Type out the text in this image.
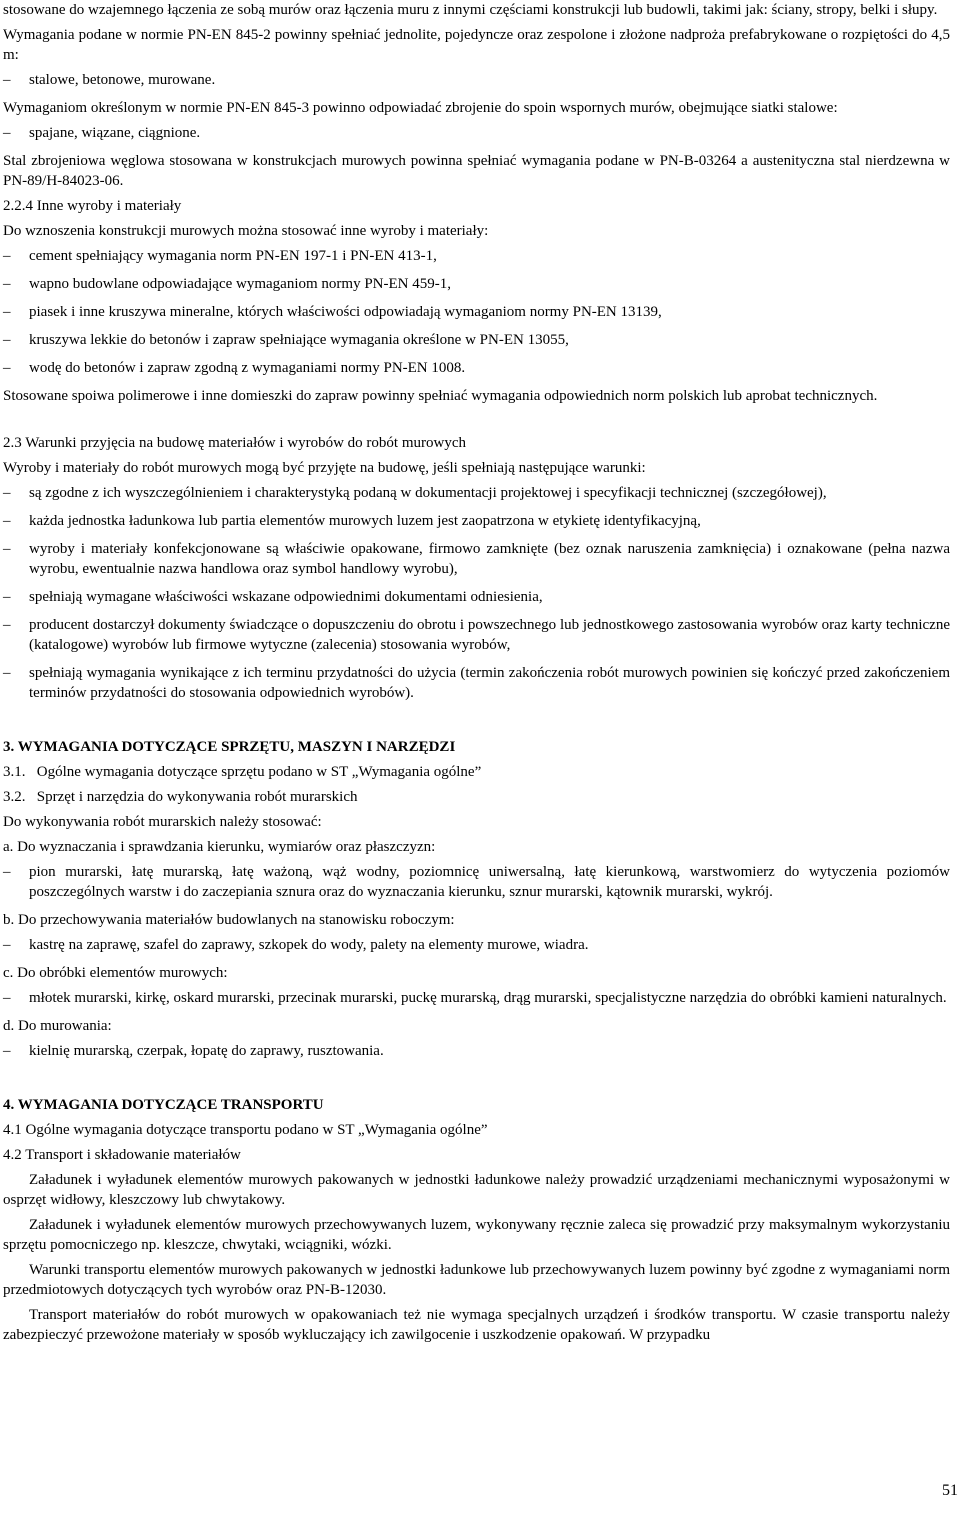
stosowane do wzajemnego łączenia ze sobą murów oraz łączenia muru z innymi częściami konstrukcji lub budowli, takimi jak: ściany, stropy, belki i słupy.

Wymagania podane w normie PN-EN 845-2 powinny spełniać jednolite, pojedyncze oraz zespolone i złożone nadproża prefabrykowane o rozpiętości do 4,5 m:

–	stalowe, betonowe, murowane.

Wymaganiom określonym w normie PN-EN 845-3 powinno odpowiadać zbrojenie do spoin wspornych murów, obejmujące siatki stalowe:

–	spajane, wiązane, ciągnione.

Stal zbrojeniowa węglowa stosowana w konstrukcjach murowych powinna spełniać wymagania podane w PN-B-03264 a austenityczna stal nierdzewna w PN-89/H-84023-06.

2.2.4 Inne wyroby i materiały

Do wznoszenia konstrukcji murowych można stosować inne wyroby i materiały:

–	cement spełniający wymagania norm PN-EN 197-1 i PN-EN 413-1,
–	wapno budowlane odpowiadające wymaganiom normy PN-EN 459-1,
–	piasek i inne kruszywa mineralne, których właściwości odpowiadają wymaganiom normy PN-EN 13139,
–	kruszywa lekkie do betonów i zapraw spełniające wymagania określone w PN-EN 13055,
–	wodę do betonów i zapraw zgodną z wymaganiami normy PN-EN 1008.

Stosowane spoiwa polimerowe i inne domieszki do zapraw powinny spełniać wymagania odpowiednich norm polskich lub aprobat technicznych.

2.3 Warunki przyjęcia na budowę materiałów i wyrobów do robót murowych

Wyroby i materiały do robót murowych mogą być przyjęte na budowę, jeśli spełniają następujące warunki:

–	są zgodne z ich wyszczególnieniem i charakterystyką podaną w dokumentacji projektowej i specyfikacji technicznej (szczegółowej),
–	każda jednostka ładunkowa lub partia elementów murowych luzem jest zaopatrzona w etykietę identyfikacyjną,
–	wyroby i materiały konfekcjonowane są właściwie opakowane, firmowo zamknięte (bez oznak naruszenia zamknięcia) i oznakowane (pełna nazwa wyrobu, ewentualnie nazwa handlowa oraz symbol handlowy wyrobu),
–	spełniają wymagane właściwości wskazane odpowiednimi dokumentami odniesienia,
–	producent dostarczył dokumenty świadczące o dopuszczeniu do obrotu i powszechnego lub jednostkowego zastosowania wyrobów oraz karty techniczne (katalogowe) wyrobów lub firmowe wytyczne (zalecenia) stosowania wyrobów,
–	spełniają wymagania wynikające z ich terminu przydatności do użycia (termin zakończenia robót murowych powinien się kończyć przed zakończeniem terminów przydatności do stosowania odpowiednich wyrobów).

3. WYMAGANIA DOTYCZĄCE SPRZĘTU, MASZYN I NARZĘDZI

3.1.   Ogólne wymagania dotyczące sprzętu podano w ST „Wymagania ogólne”

3.2.   Sprzęt i narzędzia do wykonywania robót murarskich

Do wykonywania robót murarskich należy stosować:

a. Do wyznaczania i sprawdzania kierunku, wymiarów oraz płaszczyzn:

–	pion murarski, łatę murarską, łatę ważoną, wąż wodny, poziomnicę uniwersalną, łatę kierunkową, warstwomierz do wytyczenia poziomów poszczególnych warstw i do zaczepiania sznura oraz do wyznaczania kierunku, sznur murarski, kątownik murarski, wykrój.

b. Do przechowywania materiałów budowlanych na stanowisku roboczym:

–	kastrę na zaprawę, szafel do zaprawy, szkopek do wody, palety na elementy murowe, wiadra.

c. Do obróbki elementów murowych:

–	młotek murarski, kirkę, oskard murarski, przecinak murarski, puckę murarską, drąg murarski, specjalistyczne narzędzia do obróbki kamieni naturalnych.

d. Do murowania:

–	kielnię murarską, czerpak, łopatę do zaprawy, rusztowania.

4. WYMAGANIA DOTYCZĄCE TRANSPORTU

4.1 Ogólne wymagania dotyczące transportu podano w ST „Wymagania ogólne”

4.2 Transport i składowanie materiałów

Załadunek i wyładunek elementów murowych pakowanych w jednostki ładunkowe należy prowadzić urządzeniami mechanicznymi wyposażonymi w osprzęt widłowy, kleszczowy lub chwytakowy.

Załadunek i wyładunek elementów murowych przechowywanych luzem, wykonywany ręcznie zaleca się prowadzić przy maksymalnym wykorzystaniu sprzętu pomocniczego np. kleszcze, chwytaki, wciągniki, wózki.

Warunki transportu elementów murowych pakowanych w jednostki ładunkowe lub przechowywanych luzem powinny być zgodne z wymaganiami norm przedmiotowych dotyczących tych wyrobów oraz PN-B-12030.

Transport materiałów do robót murowych w opakowaniach też nie wymaga specjalnych urządzeń i środków transportu. W czasie transportu należy zabezpieczyć przewożone materiały w sposób wykluczający ich zawilgocenie i uszkodzenie opakowań. W przypadku

51
